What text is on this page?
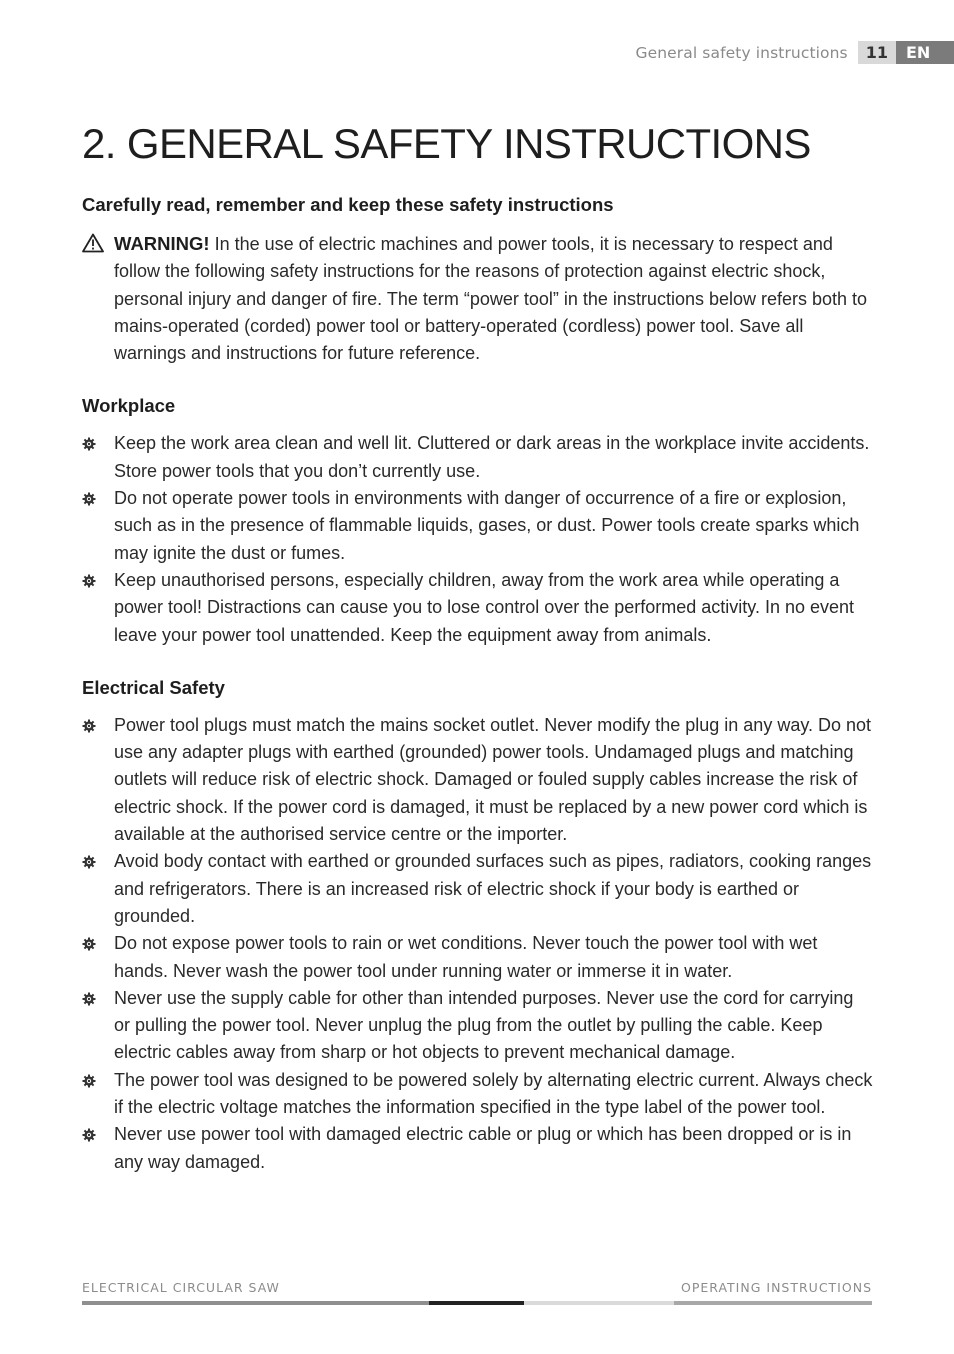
General safety instructions	11	EN
2. GENERAL SAFETY INSTRUCTIONS
Carefully read, remember and keep these safety instructions
WARNING! In the use of electric machines and power tools, it is necessary to respect and follow the following safety instructions for the reasons of protection against electric shock, personal injury and danger of fire. The term “power tool” in the instructions below refers both to mains-operated (corded) power tool or battery-operated (cordless) power tool. Save all warnings and instructions for future reference.
Workplace
Keep the work area clean and well lit. Cluttered or dark areas in the workplace invite accidents. Store power tools that you don’t currently use.
Do not operate power tools in environments with danger of occurrence of a fire or explosion, such as in the presence of flammable liquids, gases, or dust. Power tools create sparks which may ignite the dust or fumes.
Keep unauthorised persons, especially children, away from the work area while operating a power tool! Distractions can cause you to lose control over the performed activity. In no event leave your power tool unattended. Keep the equipment away from animals.
Electrical Safety
Power tool plugs must match the mains socket outlet. Never modify the plug in any way. Do not use any adapter plugs with earthed (grounded) power tools. Undamaged plugs and matching outlets will reduce risk of electric shock. Damaged or fouled supply cables increase the risk of electric shock. If the power cord is damaged, it must be replaced by a new power cord which is available at the authorised service centre or the importer.
Avoid body contact with earthed or grounded surfaces such as pipes, radiators, cooking ranges and refrigerators. There is an increased risk of electric shock if your body is earthed or grounded.
Do not expose power tools to rain or wet conditions. Never touch the power tool with wet hands. Never wash the power tool under running water or immerse it in water.
Never use the supply cable for other than intended purposes. Never use the cord for carrying or pulling the power tool. Never unplug the plug from the outlet by pulling the cable. Keep electric cables away from sharp or hot objects to prevent mechanical damage.
The power tool was designed to be powered solely by alternating electric current. Always check if the electric voltage matches the information specified in the type label of the power tool.
Never use power tool with damaged electric cable or plug or which has been dropped or is in any way damaged.
ELECTRICAL CIRCULAR SAW	OPERATING INSTRUCTIONS
